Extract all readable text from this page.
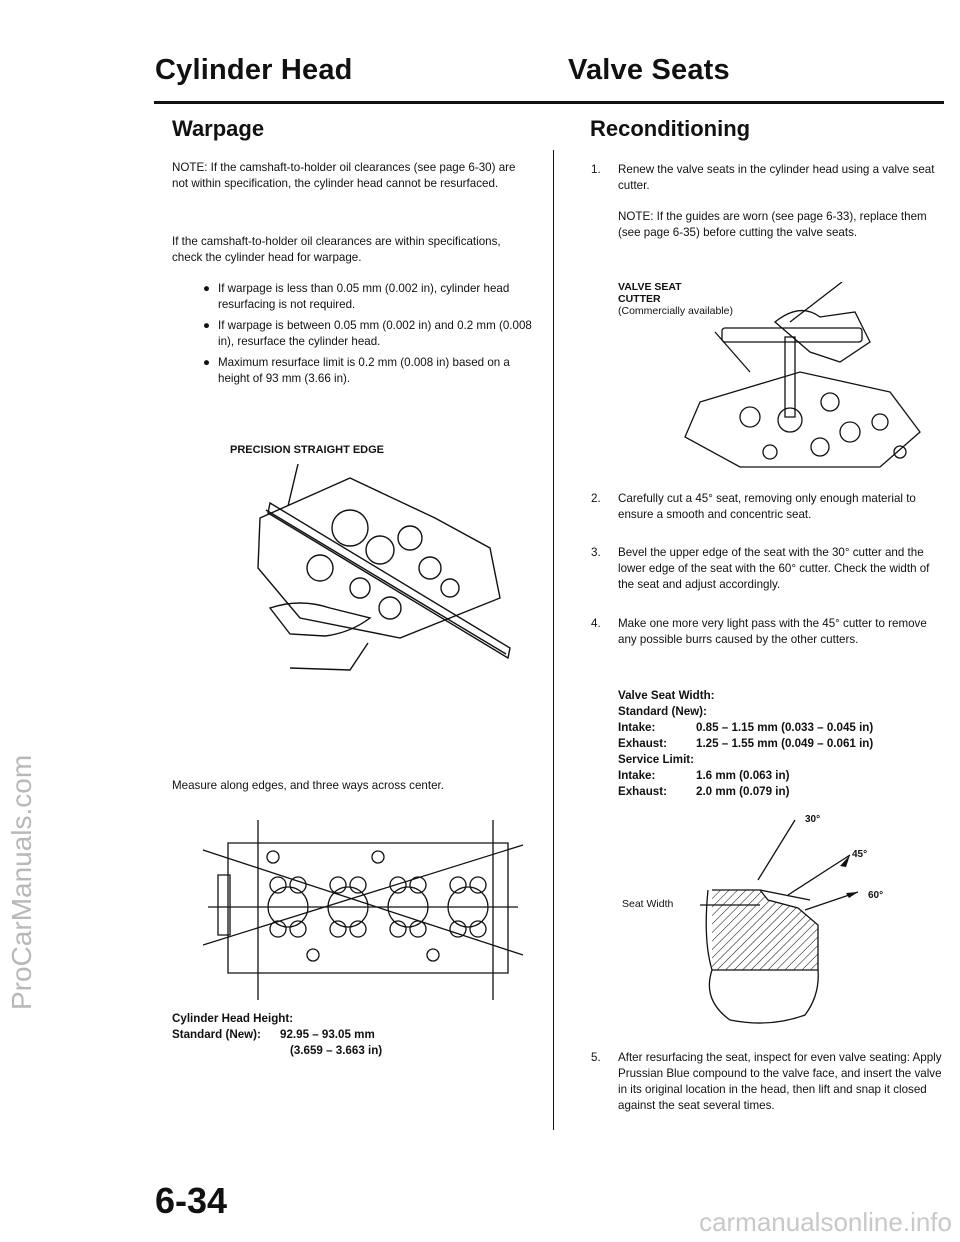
Cylinder Head	Valve Seats
Warpage
NOTE: If the camshaft-to-holder oil clearances (see page 6-30) are not within specification, the cylinder head cannot be resurfaced.
If the camshaft-to-holder oil clearances are within specifications, check the cylinder head for warpage.
● If warpage is less than 0.05 mm (0.002 in), cylinder head resurfacing is not required.
● If warpage is between 0.05 mm (0.002 in) and 0.2 mm (0.008 in), resurface the cylinder head.
● Maximum resurface limit is 0.2 mm (0.008 in) based on a height of 93 mm (3.66 in).
PRECISION STRAIGHT EDGE
Measure along edges, and three ways across center.
Cylinder Head Height:
Standard (New): 92.95 – 93.05 mm
(3.659 – 3.663 in)
6-34
Reconditioning
1. Renew the valve seats in the cylinder head using a valve seat cutter.
NOTE: If the guides are worn (see page 6-33), replace them (see page 6-35) before cutting the valve seats.
VALVE SEAT
CUTTER
(Commercially available)
2. Carefully cut a 45° seat, removing only enough material to ensure a smooth and concentric seat.
3. Bevel the upper edge of the seat with the 30° cutter and the lower edge of the seat with the 60° cutter. Check the width of the seat and adjust accordingly.
4. Make one more very light pass with the 45° cutter to remove any possible burrs caused by the other cutters.
Valve Seat Width:
Standard (New):
Intake:	0.85 – 1.15 mm (0.033 – 0.045 in)
Exhaust:	1.25 – 1.55 mm (0.049 – 0.061 in)
Service Limit:
Intake:	1.6 mm (0.063 in)
Exhaust:	2.0 mm (0.079 in)
30°
45°
60°
Seat Width
5. After resurfacing the seat, inspect for even valve seating: Apply Prussian Blue compound to the valve face, and insert the valve in its original location in the head, then lift and snap it closed against the seat several times.
ProCarManuals.com
carmanualsonline.info
